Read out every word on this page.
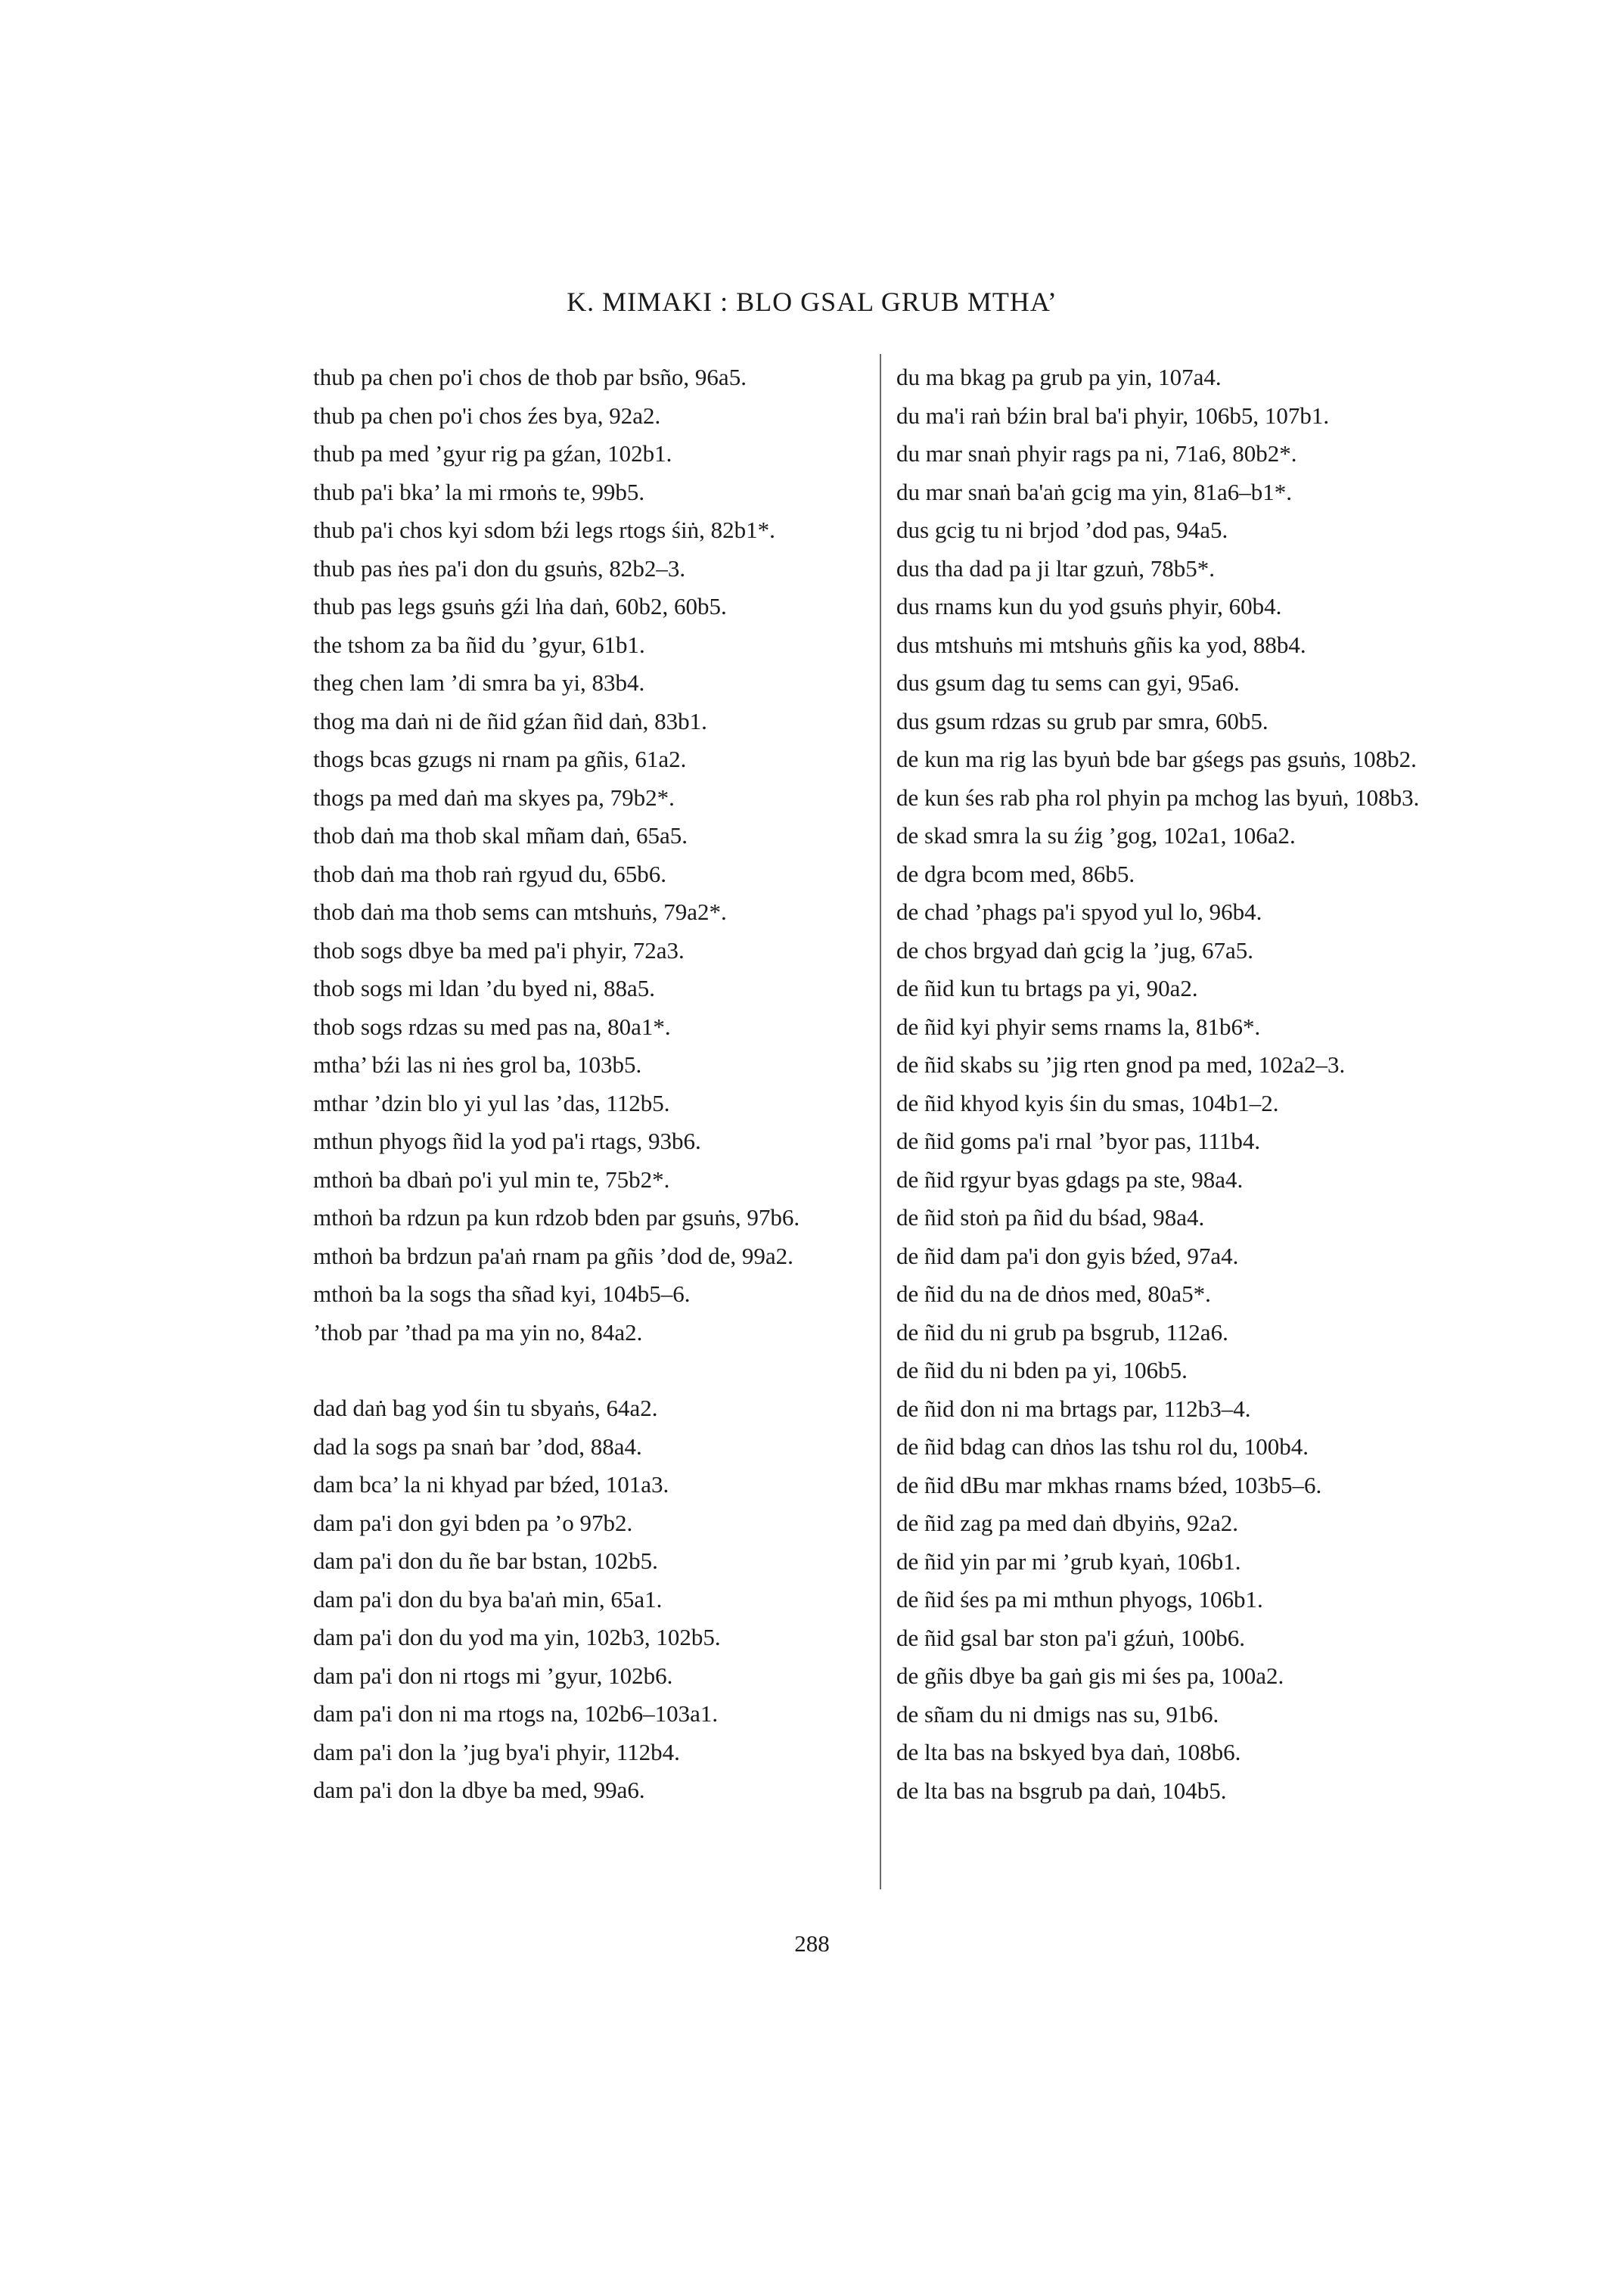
K. MIMAKI : BLO GSAL GRUB MTHA’
thub pa chen po'i chos de thob par bsño, 96a5.
thub pa chen po'i chos źes bya, 92a2.
thub pa med ’gyur rig pa gźan, 102b1.
thub pa'i bka’ la mi rmoṅs te, 99b5.
thub pa'i chos kyi sdom bźi legs rtogs śiṅ, 82b1*.
thub pas ṅes pa'i don du gsuṅs, 82b2–3.
thub pas legs gsuṅs gźi lṅa daṅ, 60b2, 60b5.
the tshom za ba ñid du ’gyur, 61b1.
theg chen lam ’di smra ba yi, 83b4.
thog ma daṅ ni de ñid gźan ñid daṅ, 83b1.
thogs bcas gzugs ni rnam pa gñis, 61a2.
thogs pa med daṅ ma skyes pa, 79b2*.
thob daṅ ma thob skal mñam daṅ, 65a5.
thob daṅ ma thob raṅ rgyud du, 65b6.
thob daṅ ma thob sems can mtshuṅs, 79a2*.
thob sogs dbye ba med pa'i phyir, 72a3.
thob sogs mi ldan ’du byed ni, 88a5.
thob sogs rdzas su med pas na, 80a1*.
mtha’ bźi las ni ṅes grol ba, 103b5.
mthar ’dzin blo yi yul las ’das, 112b5.
mthun phyogs ñid la yod pa'i rtags, 93b6.
mthoṅ ba dbaṅ po'i yul min te, 75b2*.
mthoṅ ba rdzun pa kun rdzob bden par gsuṅs, 97b6.
mthoṅ ba brdzun pa'aṅ rnam pa gñis ’dod de, 99a2.
mthoṅ ba la sogs tha sñad kyi, 104b5–6.
’thob par ’thad pa ma yin no, 84a2.
dad daṅ bag yod śin tu sbyaṅs, 64a2.
dad la sogs pa snaṅ bar ’dod, 88a4.
dam bca’ la ni khyad par bźed, 101a3.
dam pa'i don gyi bden pa ’o 97b2.
dam pa'i don du ñe bar bstan, 102b5.
dam pa'i don du bya ba'aṅ min, 65a1.
dam pa'i don du yod ma yin, 102b3, 102b5.
dam pa'i don ni rtogs mi ’gyur, 102b6.
dam pa'i don ni ma rtogs na, 102b6–103a1.
dam pa'i don la ’jug bya'i phyir, 112b4.
dam pa'i don la dbye ba med, 99a6.
du ma bkag pa grub pa yin, 107a4.
du ma'i raṅ bźin bral ba'i phyir, 106b5, 107b1.
du mar snaṅ phyir rags pa ni, 71a6, 80b2*.
du mar snaṅ ba'aṅ gcig ma yin, 81a6–b1*.
dus gcig tu ni brjod ’dod pas, 94a5.
dus tha dad pa ji ltar gzuṅ, 78b5*.
dus rnams kun du yod gsuṅs phyir, 60b4.
dus mtshuṅs mi mtshuṅs gñis ka yod, 88b4.
dus gsum dag tu sems can gyi, 95a6.
dus gsum rdzas su grub par smra, 60b5.
de kun ma rig las byuṅ bde bar gśegs pas gsuṅs, 108b2.
de kun śes rab pha rol phyin pa mchog las byuṅ, 108b3.
de skad smra la su źig ’gog, 102a1, 106a2.
de dgra bcom med, 86b5.
de chad ’phags pa'i spyod yul lo, 96b4.
de chos brgyad daṅ gcig la ’jug, 67a5.
de ñid kun tu brtags pa yi, 90a2.
de ñid kyi phyir sems rnams la, 81b6*.
de ñid skabs su ’jig rten gnod pa med, 102a2–3.
de ñid khyod kyis śin du smas, 104b1–2.
de ñid goms pa'i rnal ’byor pas, 111b4.
de ñid rgyur byas gdags pa ste, 98a4.
de ñid stoṅ pa ñid du bśad, 98a4.
de ñid dam pa'i don gyis bźed, 97a4.
de ñid du na de dṅos med, 80a5*.
de ñid du ni grub pa bsgrub, 112a6.
de ñid du ni bden pa yi, 106b5.
de ñid don ni ma brtags par, 112b3–4.
de ñid bdag can dṅos las tshu rol du, 100b4.
de ñid dBu mar mkhas rnams bźed, 103b5–6.
de ñid zag pa med daṅ dbyiṅs, 92a2.
de ñid yin par mi ’grub kyaṅ, 106b1.
de ñid śes pa mi mthun phyogs, 106b1.
de ñid gsal bar ston pa'i gźuṅ, 100b6.
de gñis dbye ba gaṅ gis mi śes pa, 100a2.
de sñam du ni dmigs nas su, 91b6.
de lta bas na bskyed bya daṅ, 108b6.
de lta bas na bsgrub pa daṅ, 104b5.
288
